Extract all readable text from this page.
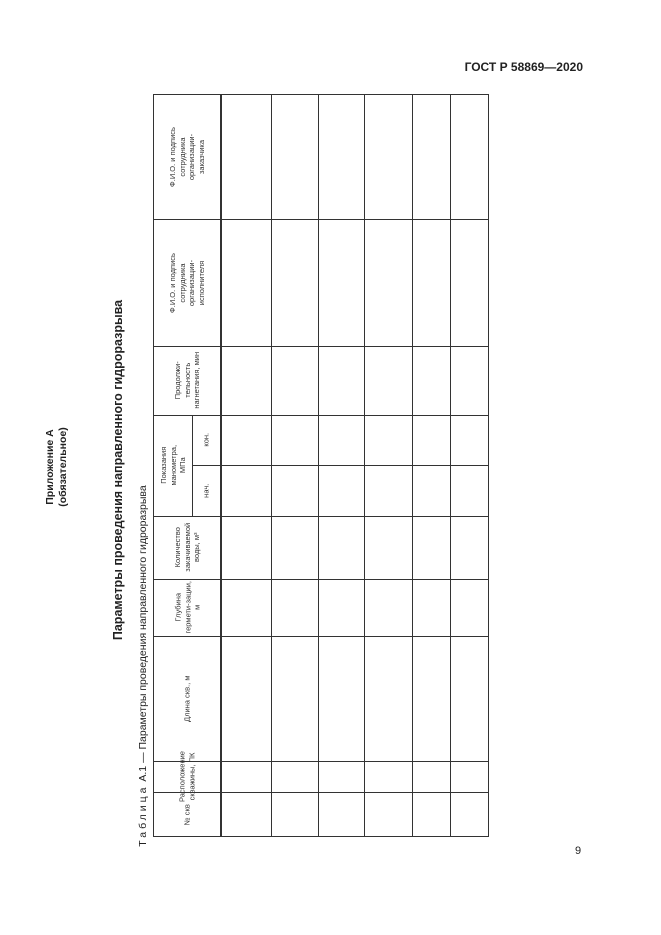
ГОСТ Р 58869—2020
Приложение А (обязательное)	Параметры проведения направленного гидроразрыва
Таблица А.1 — Параметры проведения направленного гидроразрыва
Ф.И.О. и подпись сотрудника организации-заказчика
Ф.И.О. и подпись сотрудника организации-исполнителя
Продолжи-тельность нагнетания, мин
Показания манометра, МПа
кон.
нач.
Количество закачиваемой воды, м³
Глубина гермети-зации, м
Длина скв., м
Расположение скважины, ПК
№ скв
9
